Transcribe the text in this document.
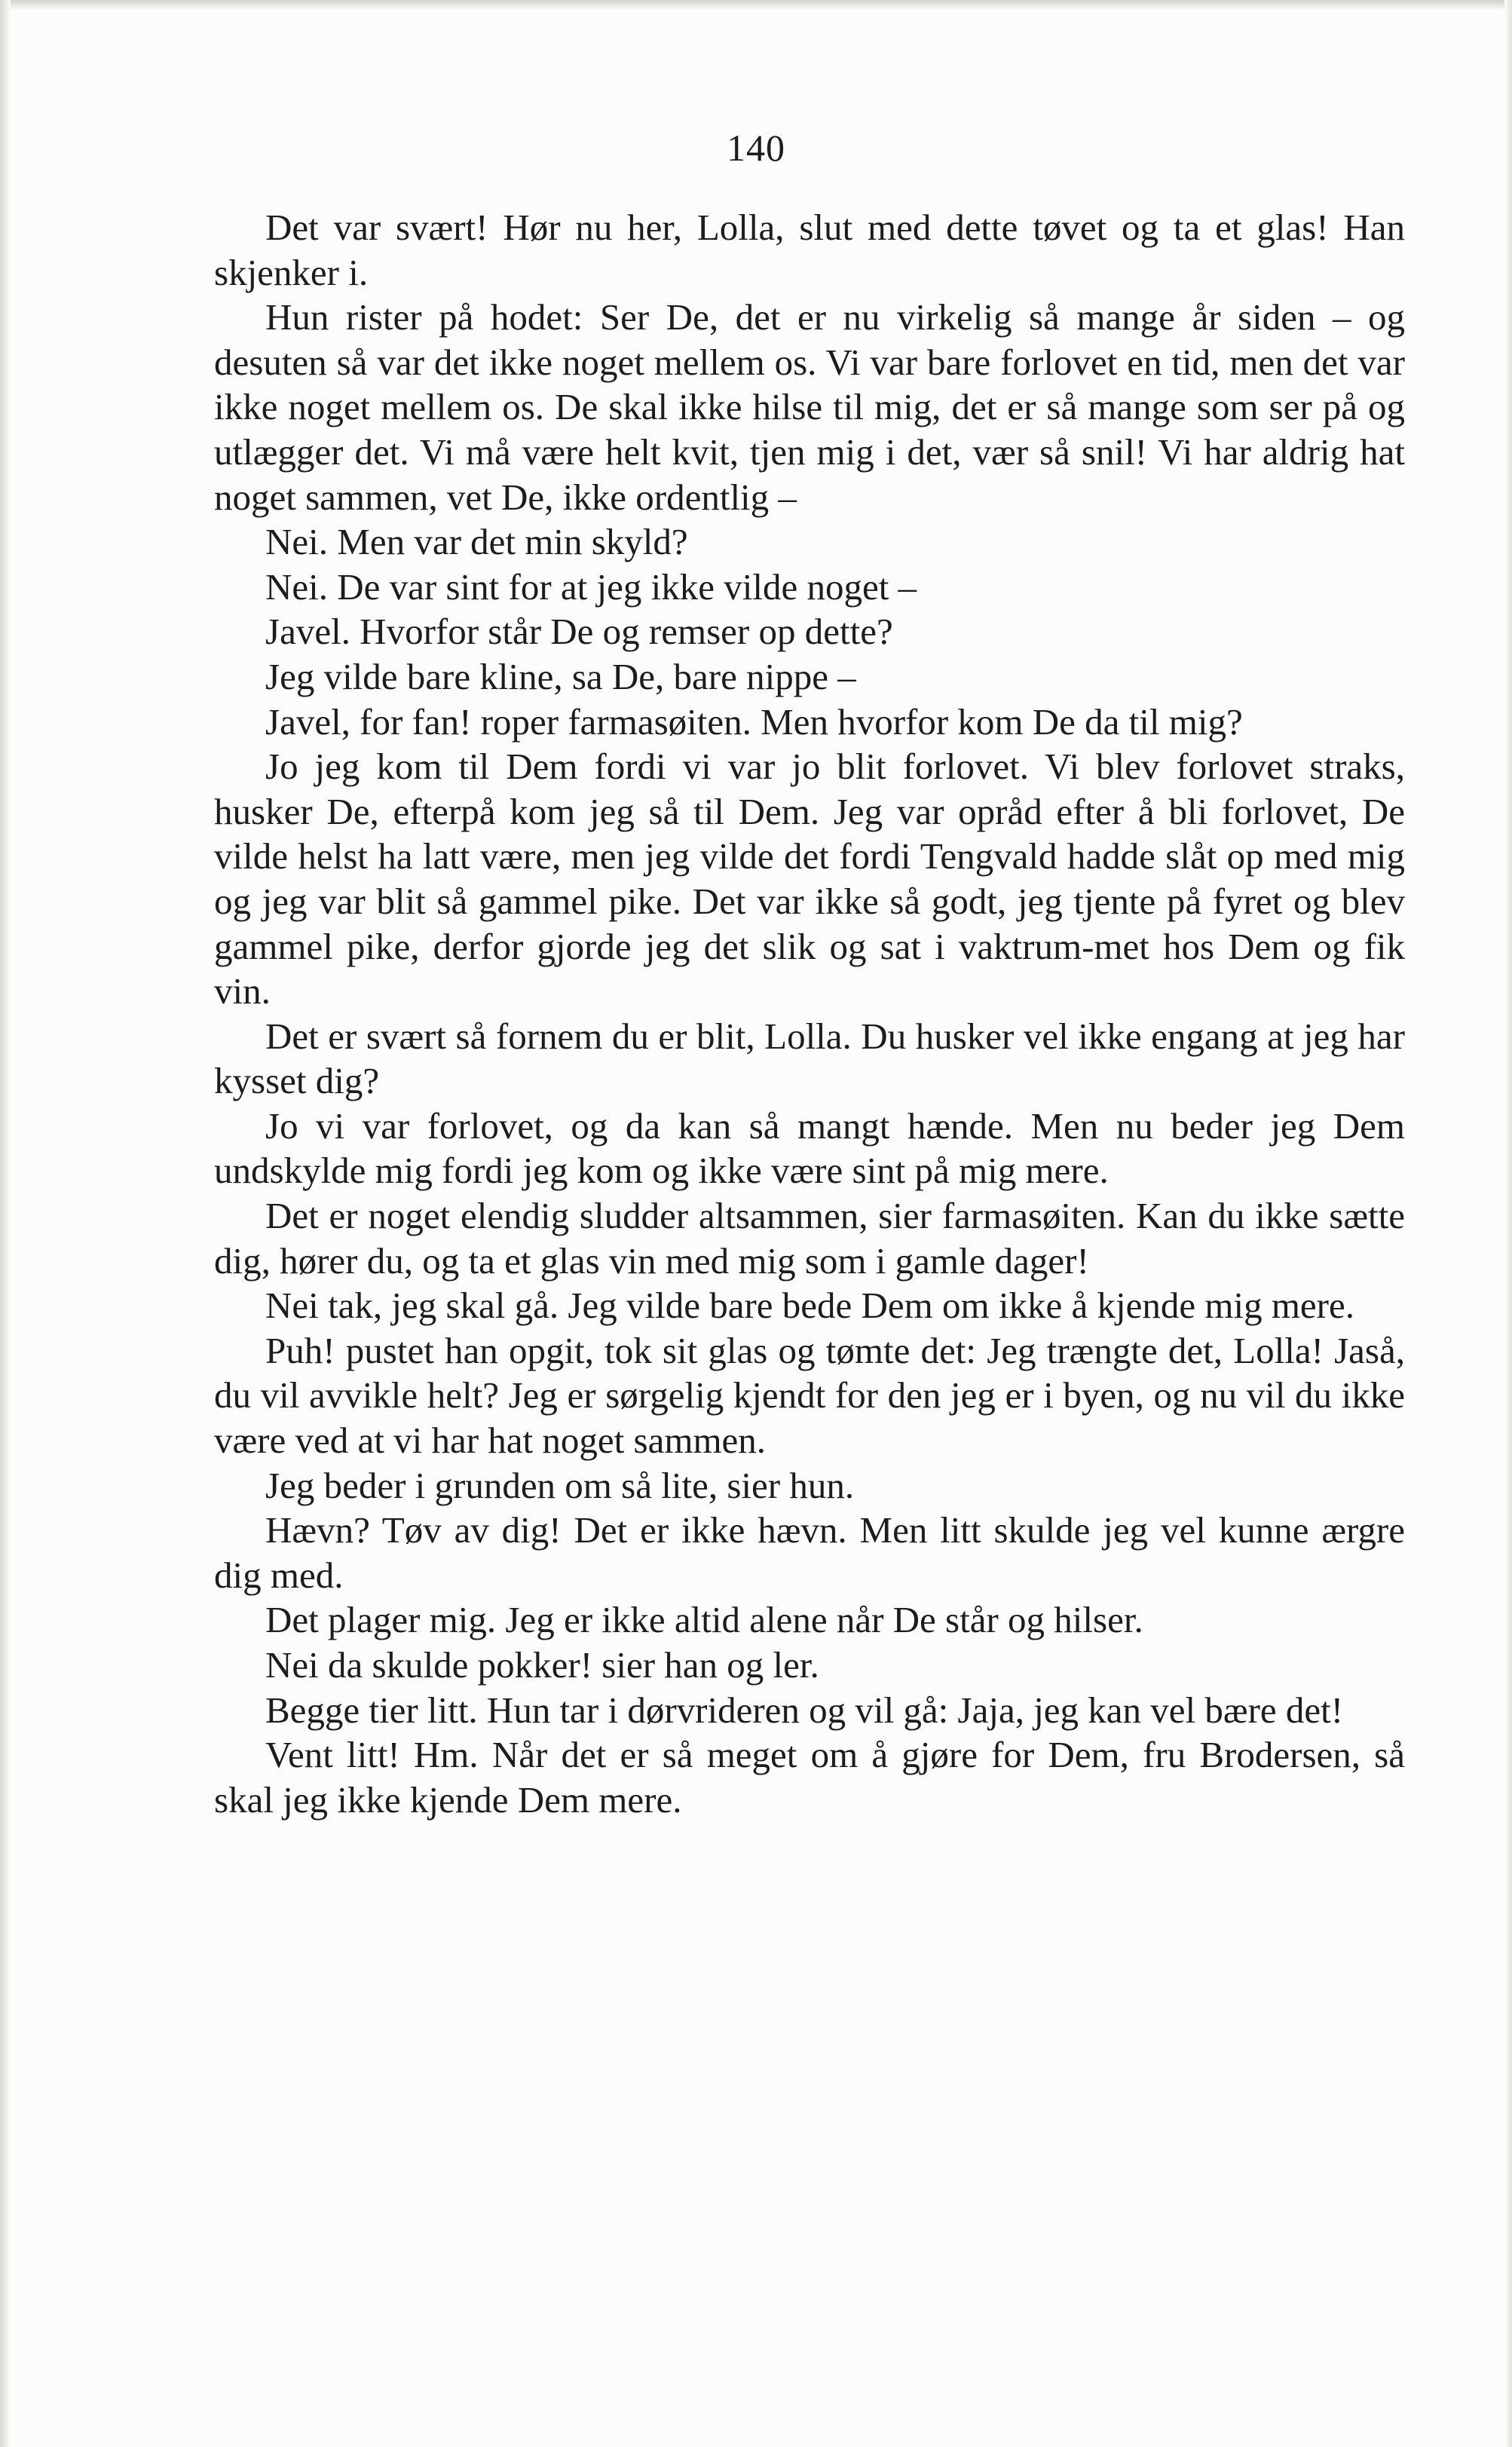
140

Det var svært! Hør nu her, Lolla, slut med dette tøvet og ta et glas! Han skjenker i.

Hun rister på hodet: Ser De, det er nu virkelig så mange år siden – og desuten så var det ikke noget mellem os. Vi var bare forlovet en tid, men det var ikke noget mellem os. De skal ikke hilse til mig, det er så mange som ser på og utlægger det. Vi må være helt kvit, tjen mig i det, vær så snil! Vi har aldrig hat noget sammen, vet De, ikke ordentlig –

Nei. Men var det min skyld?

Nei. De var sint for at jeg ikke vilde noget –

Javel. Hvorfor står De og remser op dette?

Jeg vilde bare kline, sa De, bare nippe –

Javel, for fan! roper farmasøiten. Men hvorfor kom De da til mig?

Jo jeg kom til Dem fordi vi var jo blit forlovet. Vi blev forlovet straks, husker De, efterpå kom jeg så til Dem. Jeg var opråd efter å bli forlovet, De vilde helst ha latt være, men jeg vilde det fordi Tengvald hadde slåt op med mig og jeg var blit så gammel pike. Det var ikke så godt, jeg tjente på fyret og blev gammel pike, derfor gjorde jeg det slik og sat i vaktrum-met hos Dem og fik vin.

Det er svært så fornem du er blit, Lolla. Du husker vel ikke engang at jeg har kysset dig?

Jo vi var forlovet, og da kan så mangt hænde. Men nu beder jeg Dem undskylde mig fordi jeg kom og ikke være sint på mig mere.

Det er noget elendig sludder altsammen, sier farmasøiten. Kan du ikke sætte dig, hører du, og ta et glas vin med mig som i gamle dager!

Nei tak, jeg skal gå. Jeg vilde bare bede Dem om ikke å kjende mig mere.

Puh! pustet han opgit, tok sit glas og tømte det: Jeg trængte det, Lolla! Jaså, du vil avvikle helt? Jeg er sørgelig kjendt for den jeg er i byen, og nu vil du ikke være ved at vi har hat noget sammen.

Jeg beder i grunden om så lite, sier hun.

Hævn? Tøv av dig! Det er ikke hævn. Men litt skulde jeg vel kunne ærgre dig med.

Det plager mig. Jeg er ikke altid alene når De står og hilser.

Nei da skulde pokker! sier han og ler.

Begge tier litt. Hun tar i dørvrideren og vil gå: Jaja, jeg kan vel bære det!

Vent litt! Hm. Når det er så meget om å gjøre for Dem, fru Brodersen, så skal jeg ikke kjende Dem mere.
